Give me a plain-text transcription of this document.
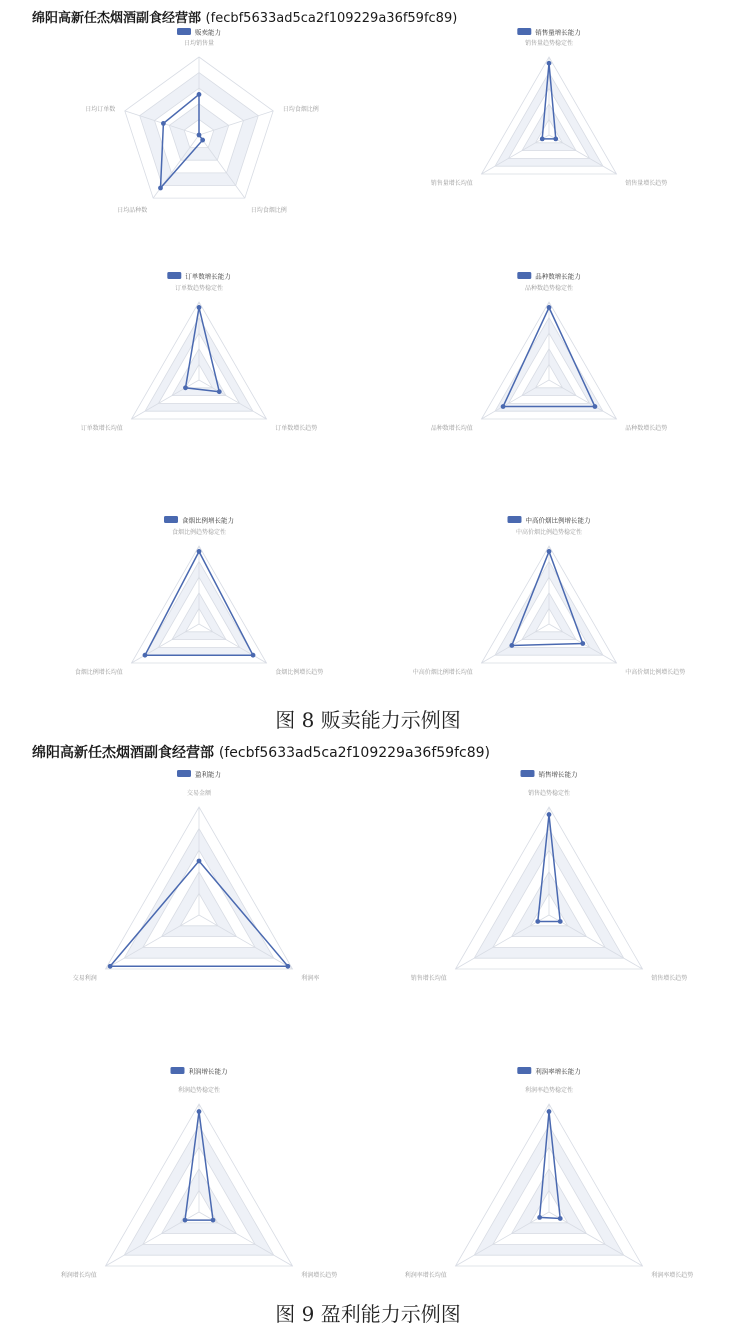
绵阳高新任杰烟酒副食经营部 (fecbf5633ad5ca2f109229a36f59fc89)
图 8 贩卖能力示例图
绵阳高新任杰烟酒副食经营部 (fecbf5633ad5ca2f109229a36f59fc89)
图 9 盈利能力示例图
日均销售量
日均食烟比例
日均食烟比例
日均品种数
日均订单数
贩卖能力
销售量趋势稳定性
销售量增长趋势
销售量增长均值
销售量增长能力
订单数趋势稳定性
订单数增长趋势
订单数增长均值
订单数增长能力
品种数趋势稳定性
品种数增长趋势
品种数增长均值
品种数增长能力
食烟比例趋势稳定性
食烟比例增长趋势
食烟比例增长均值
食烟比例增长能力
中高价烟比例趋势稳定性
中高价烟比例增长趋势
中高价烟比例增长均值
中高价烟比例增长能力
交易金额
利润率
交易利润
盈利能力
销售趋势稳定性
销售增长趋势
销售增长均值
销售增长能力
利润趋势稳定性
利润增长趋势
利润增长均值
利润增长能力
利润率趋势稳定性
利润率增长趋势
利润率增长均值
利润率增长能力
